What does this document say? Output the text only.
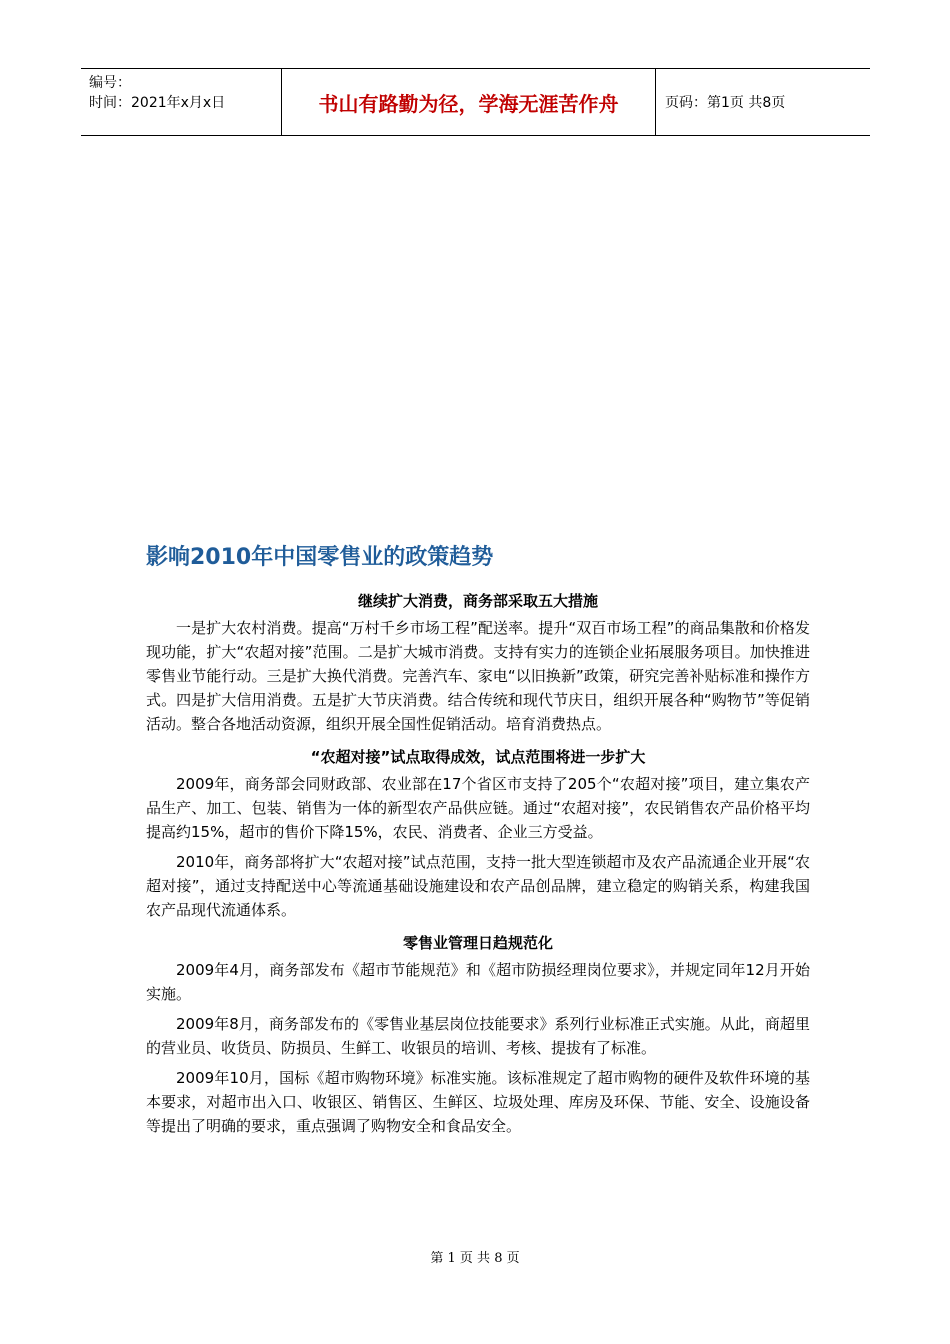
编号：
时间：2021年x月x日	书山有路勤为径，学海无涯苦作舟	页码：第1页 共8页
影响2010年中国零售业的政策趋势
继续扩大消费，商务部采取五大措施

一是扩大农村消费。提高“万村千乡市场工程”配送率。提升“双百市场工程”的商品集散和价格发现功能，扩大“农超对接”范围。二是扩大城市消费。支持有实力的连锁企业拓展服务项目。加快推进零售业节能行动。三是扩大换代消费。完善汽车、家电“以旧换新”政策，研究完善补贴标准和操作方式。四是扩大信用消费。五是扩大节庆消费。结合传统和现代节庆日，组织开展各种“购物节”等促销活动。整合各地活动资源，组织开展全国性促销活动。培育消费热点。

“农超对接”试点取得成效，试点范围将进一步扩大

2009年，商务部会同财政部、农业部在17个省区市支持了205个“农超对接”项目，建立集农产品生产、加工、包装、销售为一体的新型农产品供应链。通过“农超对接”，农民销售农产品价格平均提高约15%，超市的售价下降15%，农民、消费者、企业三方受益。

2010年，商务部将扩大“农超对接”试点范围，支持一批大型连锁超市及农产品流通企业开展“农超对接”，通过支持配送中心等流通基础设施建设和农产品创品牌，建立稳定的购销关系，构建我国农产品现代流通体系。

零售业管理日趋规范化

2009年4月，商务部发布《超市节能规范》和《超市防损经理岗位要求》，并规定同年12月开始实施。

2009年8月，商务部发布的《零售业基层岗位技能要求》系列行业标准正式实施。从此，商超里的营业员、收货员、防损员、生鲜工、收银员的培训、考核、提拔有了标准。

2009年10月，国标《超市购物环境》标准实施。该标准规定了超市购物的硬件及软件环境的基本要求，对超市出入口、收银区、销售区、生鲜区、垃圾处理、库房及环保、节能、安全、设施设备等提出了明确的要求，重点强调了购物安全和食品安全。

第 1 页 共 8 页
